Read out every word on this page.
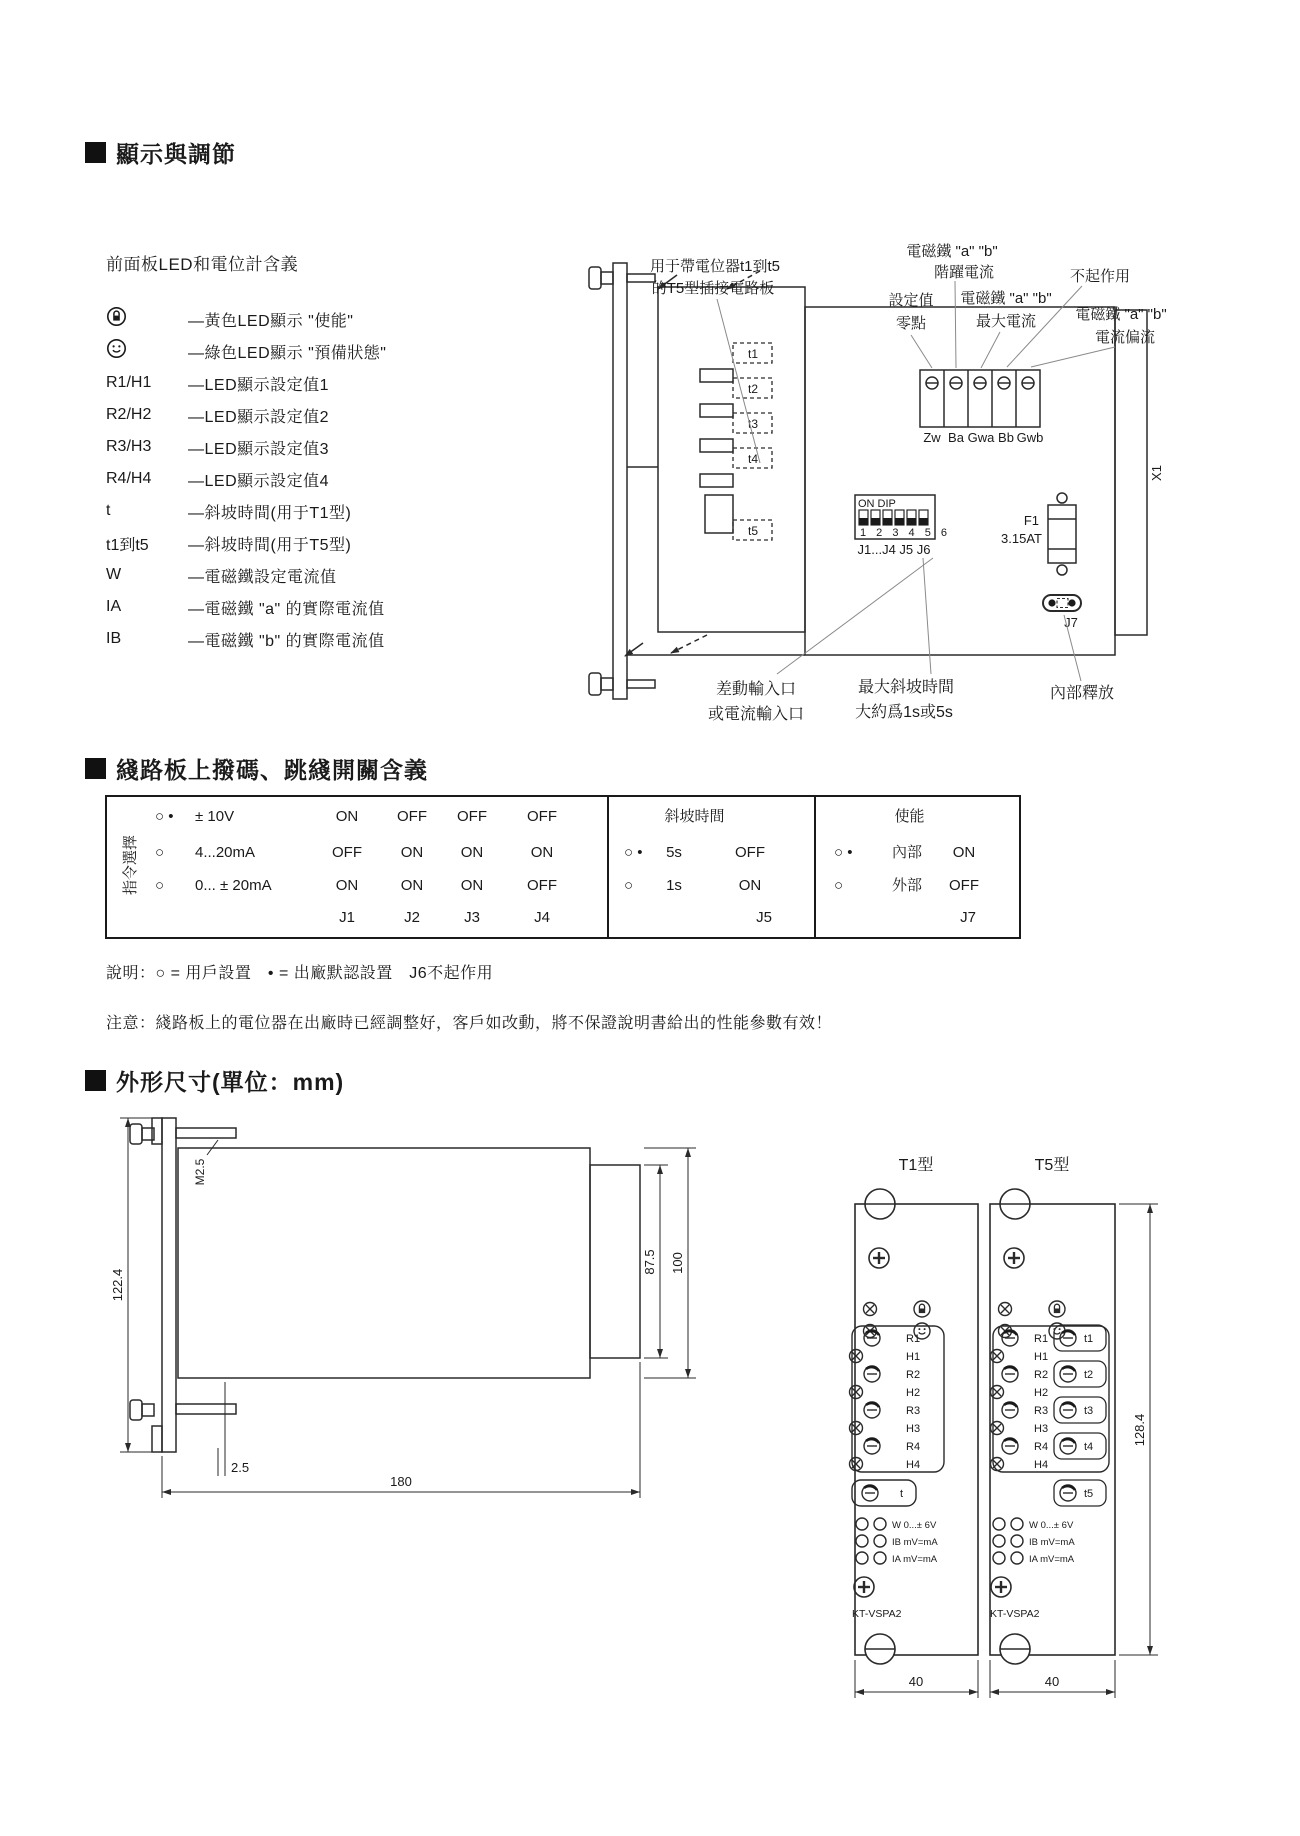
顯示與調節
前面板LED和電位計含義
—黃色LED顯示 "使能"
—綠色LED顯示 "預備狀態"
R1/H1	—LED顯示設定值1
R2/H2	—LED顯示設定值2
R3/H3	—LED顯示設定值3
R4/H4	—LED顯示設定值4
t	—斜坡時間(用于T1型)
t1到t5	—斜坡時間(用于T5型)
W	—電磁鐵設定電流值
IA	—電磁鐵 "a" 的實際電流值
IB	—電磁鐵 "b" 的實際電流值
t1
t2
t3
t4
t5
Zw Ba Gwa Bb Gwb
ON DIP
1 2 3 4 5 6
J1...J4 J5 J6
F1
3.15AT
J7
X1
用于帶電位器t1到t5
的T5型插接電路板
電磁鐵 "a" "b"
階躍電流
設定值
零點
電磁鐵 "a" "b"
最大電流
不起作用
電磁鐵 "a" "b"
電流偏流
差動輸入口
或電流輸入口
最大斜坡時間
大約爲1s或5s
內部釋放
綫路板上撥碼、跳綫開關含義
指令選擇
○ • ± 10V	ON	OFF	OFF	OFF
○ 4...20mA	OFF	ON	ON	ON
○ 0... ± 20mA	ON	ON	ON	OFF
J1	J2	J3	J4
斜坡時間
○ •	5s	OFF
○	1s	ON
J5
使能
○ •	內部	ON
○	外部	OFF
J7
說明：○ = 用戶設置　• = 出廠默認設置　J6不起作用
注意：綫路板上的電位器在出廠時已經調整好，客戶如改動，將不保證說明書給出的性能參數有效！
外形尺寸(單位：mm)
122.4
M2.5
2.5
180
87.5 100
T1型
R1
H1
R2
H2
R3
H3
R4
H4
t
W 0...± 6V
IB mV=mA
IA mV=mA
KT-VSPA2
T5型
R1
H1
R2
H2
R3
H3
R4
H4
t1
t2
t3
t4
t5
W 0...± 6V
IB mV=mA
IA mV=mA
KT-VSPA2
40	40
128.4
